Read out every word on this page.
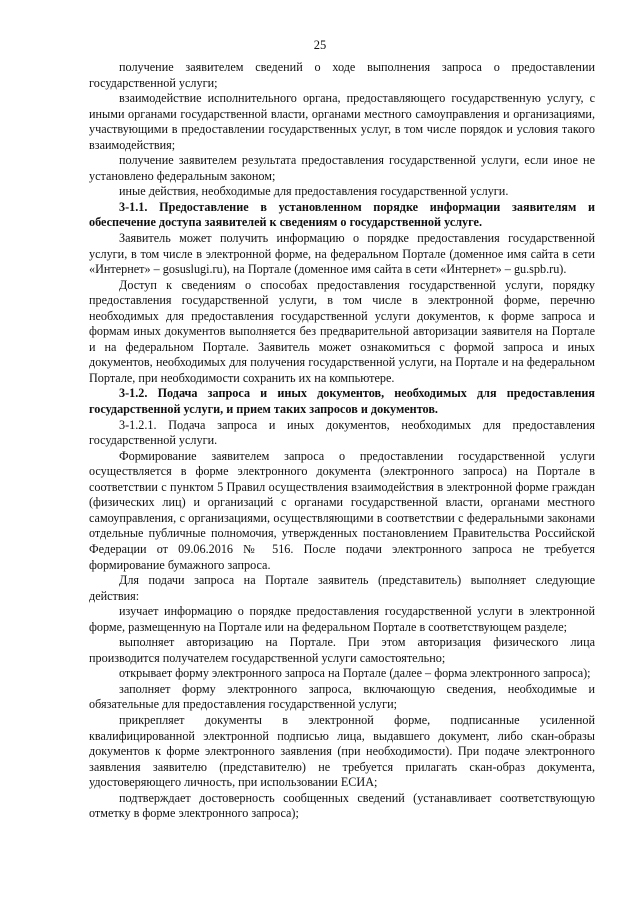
25

получение заявителем сведений о ходе выполнения запроса о предоставлении государственной услуги;

взаимодействие исполнительного органа, предоставляющего государственную услугу, с иными органами государственной власти, органами местного самоуправления и организациями, участвующими в предоставлении государственных услуг, в том числе порядок и условия такого взаимодействия;

получение заявителем результата предоставления государственной услуги, если иное не установлено федеральным законом;

иные действия, необходимые для предоставления государственной услуги.

3-1.1. Предоставление в установленном порядке информации заявителям и обеспечение доступа заявителей к сведениям о государственной услуге.

Заявитель может получить информацию о порядке предоставления государственной услуги, в том числе в электронной форме, на федеральном Портале (доменное имя сайта в сети «Интернет» – gosuslugi.ru), на Портале (доменное имя сайта в сети «Интернет» – gu.spb.ru).

Доступ к сведениям о способах предоставления государственной услуги, порядку предоставления государственной услуги, в том числе в электронной форме, перечню необходимых для предоставления государственной услуги документов, к форме запроса и формам иных документов выполняется без предварительной авторизации заявителя на Портале и на федеральном Портале. Заявитель может ознакомиться с формой запроса и иных документов, необходимых для получения государственной услуги, на Портале и на федеральном Портале, при необходимости сохранить их на компьютере.

3-1.2. Подача запроса и иных документов, необходимых для предоставления государственной услуги, и прием таких запросов и документов.

3-1.2.1. Подача запроса и иных документов, необходимых для предоставления государственной услуги.

Формирование заявителем запроса о предоставлении государственной услуги осуществляется в форме электронного документа (электронного запроса) на Портале в соответствии с пунктом 5 Правил осуществления взаимодействия в электронной форме граждан (физических лиц) и организаций с органами государственной власти, органами местного самоуправления, с организациями, осуществляющими в соответствии с федеральными законами отдельные публичные полномочия, утвержденных постановлением Правительства Российской Федерации от 09.06.2016 № 516. После подачи электронного запроса не требуется формирование бумажного запроса.

Для подачи запроса на Портале заявитель (представитель) выполняет следующие действия:

изучает информацию о порядке предоставления государственной услуги в электронной форме, размещенную на Портале или на федеральном Портале в соответствующем разделе;

выполняет авторизацию на Портале. При этом авторизация физического лица производится получателем государственной услуги самостоятельно;

открывает форму электронного запроса на Портале (далее – форма электронного запроса);

заполняет форму электронного запроса, включающую сведения, необходимые и обязательные для предоставления государственной услуги;

прикрепляет документы в электронной форме, подписанные усиленной квалифицированной электронной подписью лица, выдавшего документ, либо скан-образы документов к форме электронного заявления (при необходимости). При подаче электронного заявления заявителю (представителю) не требуется прилагать скан-образ документа, удостоверяющего личность, при использовании ЕСИА;

подтверждает достоверность сообщенных сведений (устанавливает соответствующую отметку в форме электронного запроса);
